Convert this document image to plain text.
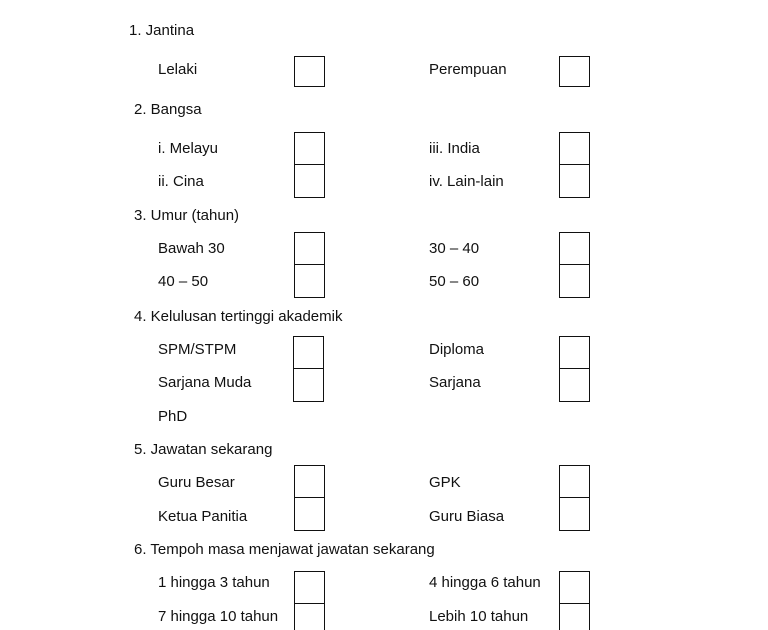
1. Jantina
Lelaki	Perempuan
2. Bangsa
i. Melayu	iii. India
ii. Cina	iv. Lain-lain
3. Umur (tahun)
Bawah 30	30 – 40
40 – 50	50 – 60
4. Kelulusan tertinggi akademik
SPM/STPM	Diploma
Sarjana Muda	Sarjana
PhD
5. Jawatan sekarang
Guru Besar	GPK
Ketua Panitia	Guru Biasa
6. Tempoh masa menjawat jawatan sekarang
1 hingga 3 tahun	4 hingga 6 tahun
7 hingga 10 tahun	Lebih 10 tahun
